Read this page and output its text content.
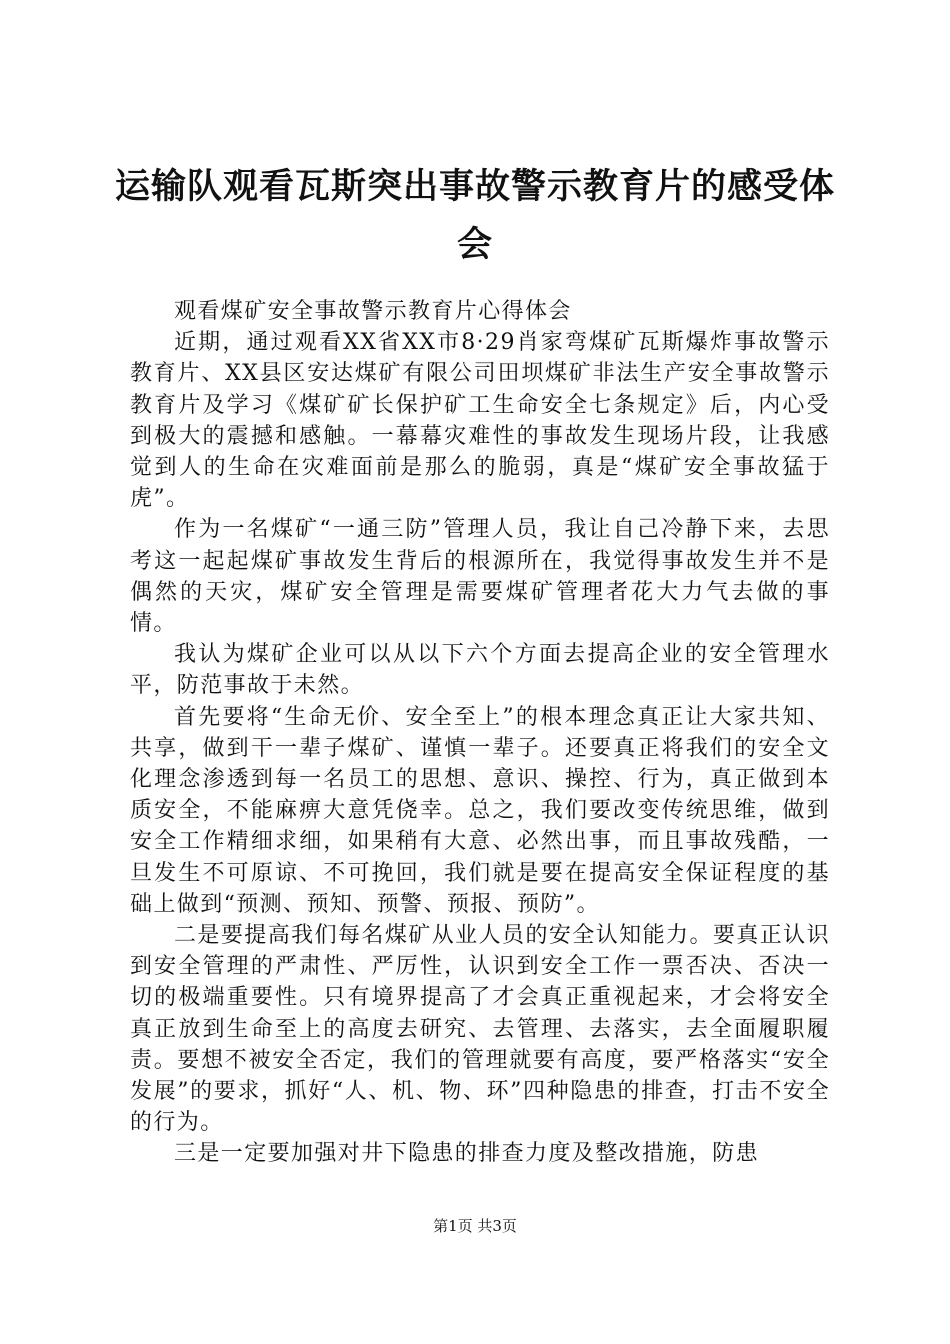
运输队观看瓦斯突出事故警示教育片的感受体会

观看煤矿安全事故警示教育片心得体会

近期，通过观看XX省XX市8·29肖家弯煤矿瓦斯爆炸事故警示教育片、XX县区安达煤矿有限公司田坝煤矿非法生产安全事故警示教育片及学习《煤矿矿长保护矿工生命安全七条规定》后，内心受到极大的震撼和感触。一幕幕灾难性的事故发生现场片段，让我感觉到人的生命在灾难面前是那么的脆弱，真是“煤矿安全事故猛于虎”。

作为一名煤矿“一通三防”管理人员，我让自己冷静下来，去思考这一起起煤矿事故发生背后的根源所在，我觉得事故发生并不是偶然的天灾，煤矿安全管理是需要煤矿管理者花大力气去做的事情。

我认为煤矿企业可以从以下六个方面去提高企业的安全管理水平，防范事故于未然。

首先要将“生命无价、安全至上”的根本理念真正让大家共知、共享，做到干一辈子煤矿、谨慎一辈子。还要真正将我们的安全文化理念渗透到每一名员工的思想、意识、操控、行为，真正做到本质安全，不能麻痹大意凭侥幸。总之，我们要改变传统思维，做到安全工作精细求细，如果稍有大意、必然出事，而且事故残酷，一旦发生不可原谅、不可挽回，我们就是要在提高安全保证程度的基础上做到“预测、预知、预警、预报、预防”。

二是要提高我们每名煤矿从业人员的安全认知能力。要真正认识到安全管理的严肃性、严厉性，认识到安全工作一票否决、否决一切的极端重要性。只有境界提高了才会真正重视起来，才会将安全真正放到生命至上的高度去研究、去管理、去落实，去全面履职履责。要想不被安全否定，我们的管理就要有高度，要严格落实“安全发展”的要求，抓好“人、机、物、环”四种隐患的排查，打击不安全的行为。

三是一定要加强对井下隐患的排查力度及整改措施，防患

第1页 共3页
